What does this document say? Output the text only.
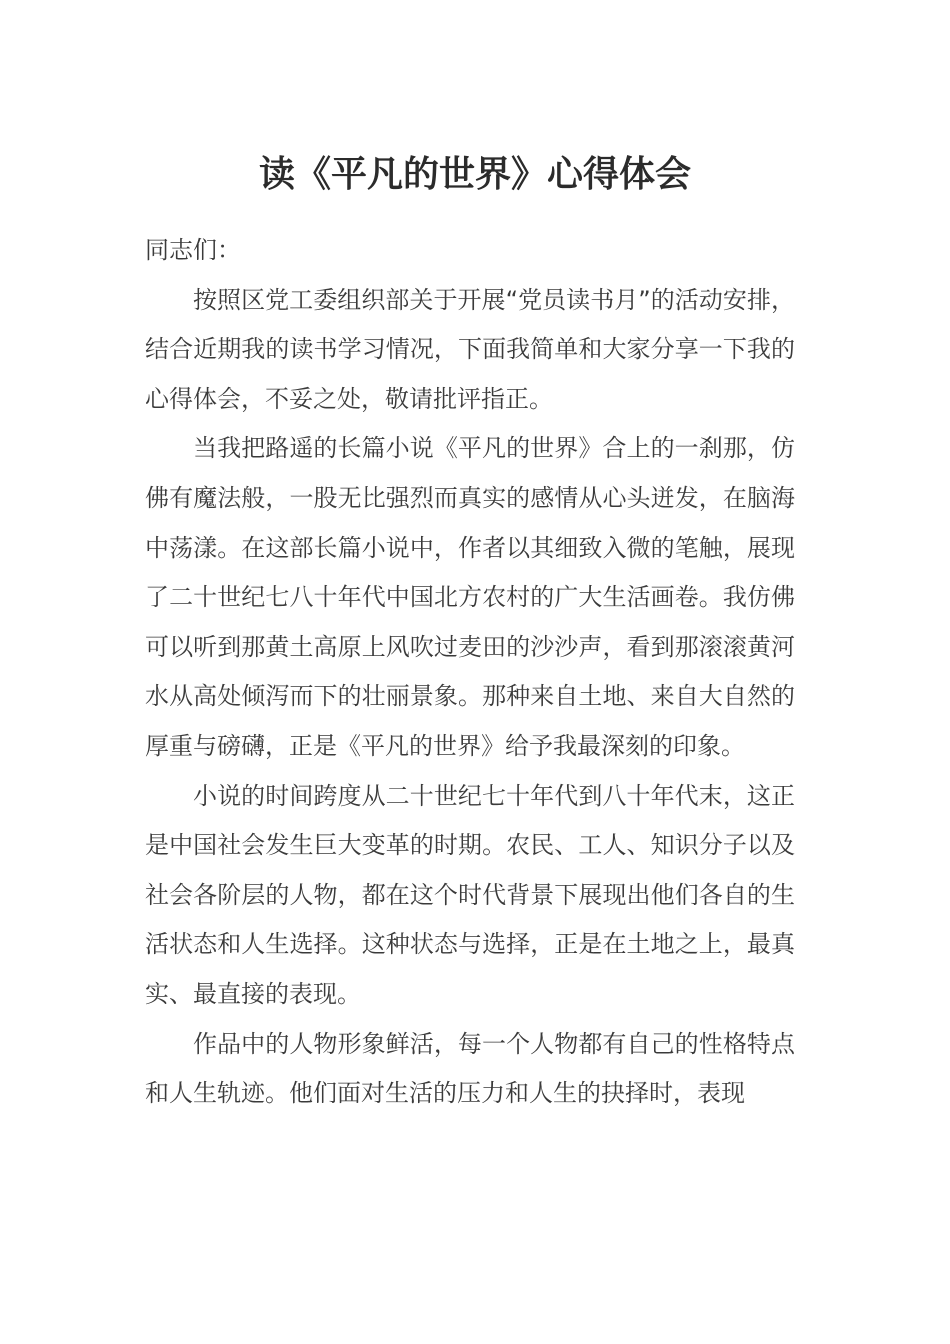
读《平凡的世界》心得体会

同志们：

按照区党工委组织部关于开展“党员读书月”的活动安排，结合近期我的读书学习情况，下面我简单和大家分享一下我的心得体会，不妥之处，敬请批评指正。

当我把路遥的长篇小说《平凡的世界》合上的一刹那，仿佛有魔法般，一股无比强烈而真实的感情从心头迸发，在脑海中荡漾。在这部长篇小说中，作者以其细致入微的笔触，展现了二十世纪七八十年代中国北方农村的广大生活画卷。我仿佛可以听到那黄土高原上风吹过麦田的沙沙声，看到那滚滚黄河水从高处倾泻而下的壮丽景象。那种来自土地、来自大自然的厚重与磅礴，正是《平凡的世界》给予我最深刻的印象。

小说的时间跨度从二十世纪七十年代到八十年代末，这正是中国社会发生巨大变革的时期。农民、工人、知识分子以及社会各阶层的人物，都在这个时代背景下展现出他们各自的生活状态和人生选择。这种状态与选择，正是在土地之上，最真实、最直接的表现。

作品中的人物形象鲜活，每一个人物都有自己的性格特点和人生轨迹。他们面对生活的压力和人生的抉择时，表现
